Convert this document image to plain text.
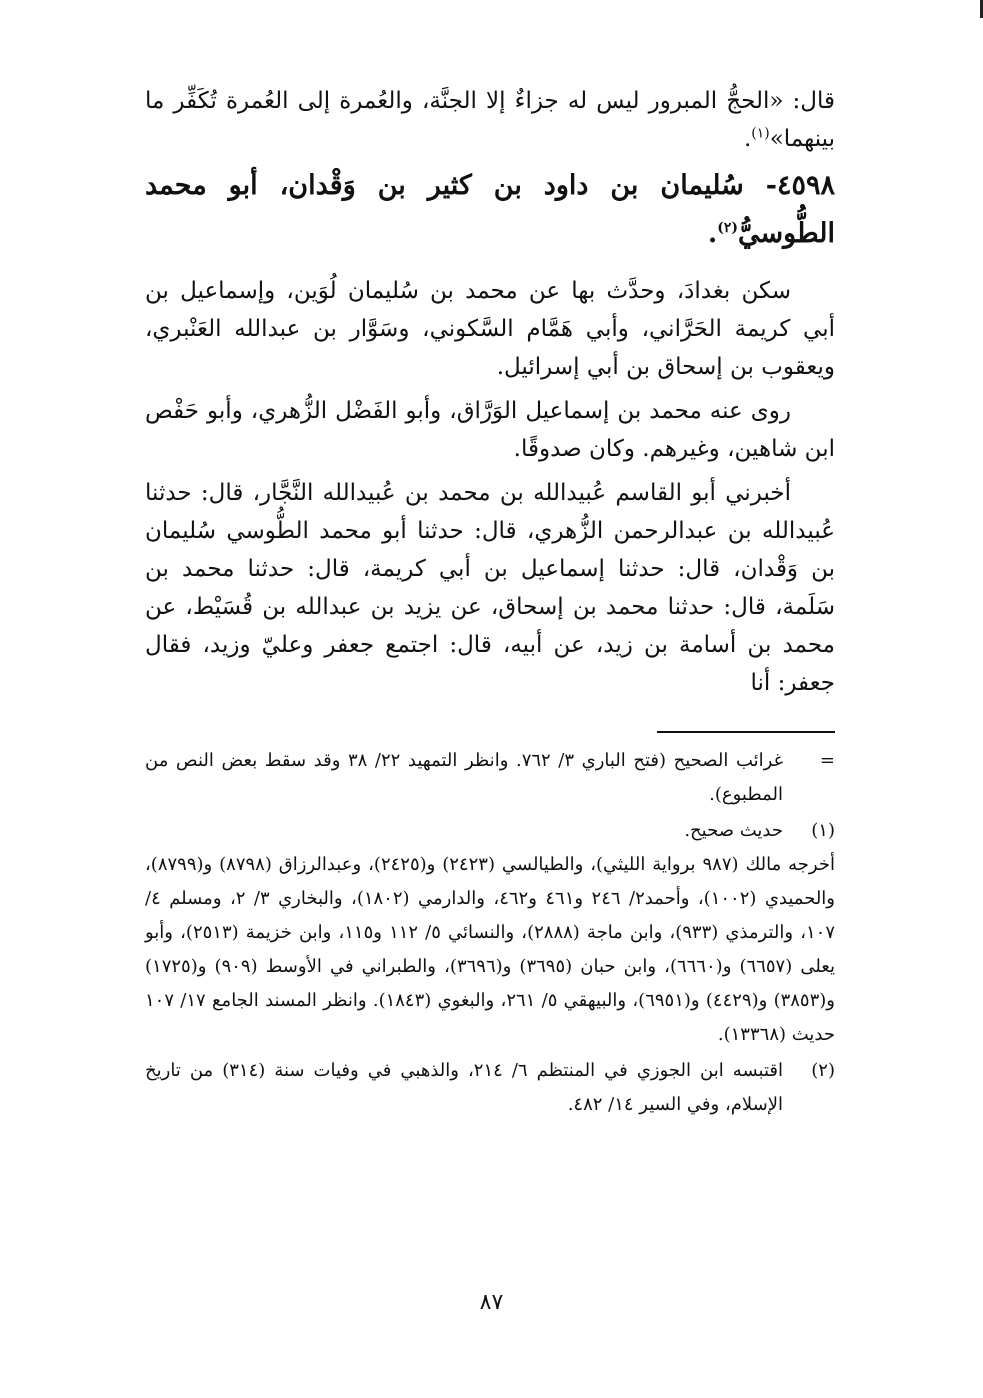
قال: «الحجُّ المبرور ليس له جزاءٌ إلا الجنَّة، والعُمرة إلى العُمرة تُكَفِّر ما بينهما»$^{(١)}$.

٤٥٩٨- سُليمان بن داود بن كثير بن وَقْدان، أبو محمد الطُّوسيُّ$^{(٢)}$.

سكن بغدادَ، وحدَّث بها عن محمد بن سُليمان لُوَين، وإسماعيل بن أبي كريمة الحَرَّاني، وأبي هَمَّام السَّكوني، وسَوَّار بن عبدالله العَنْبري، ويعقوب بن إسحاق بن أبي إسرائيل.

روى عنه محمد بن إسماعيل الوَرَّاق، وأبو الفَضْل الزُّهري، وأبو حَفْص ابن شاهين، وغيرهم. وكان صدوقًا.

أخبرني أبو القاسم عُبيدالله بن محمد بن عُبيدالله النَّجَّار، قال: حدثنا عُبيدالله بن عبدالرحمن الزُّهري، قال: حدثنا أبو محمد الطُّوسي سُليمان بن وَقْدان، قال: حدثنا إسماعيل بن أبي كريمة، قال: حدثنا محمد بن سَلَمة، قال: حدثنا محمد بن إسحاق، عن يزيد بن عبدالله بن قُسَيْط، عن محمد بن أسامة بن زيد، عن أبيه، قال: اجتمع جعفر وعليّ وزيد، فقال جعفر: أنا

=

غرائب الصحيح (فتح الباري ٣/ ٧٦٢. وانظر التمهيد ٢٢/ ٣٨ وقد سقط بعض النص من المطبوع).

(١)

حديث صحيح.

أخرجه مالك (٩٨٧ برواية الليثي)، والطيالسي (٢٤٢٣) و(٢٤٢٥)، وعبدالرزاق (٨٧٩٨) و(٨٧٩٩)، والحميدي (١٠٠٢)، وأحمد٢/ ٢٤٦ و٤٦١ و٤٦٢، والدارمي (١٨٠٢)، والبخاري ٣/ ٢، ومسلم ٤/ ١٠٧، والترمذي (٩٣٣)، وابن ماجة (٢٨٨٨)، والنسائي ٥/ ١١٢ و١١٥، وابن خزيمة (٢٥١٣)، وأبو يعلى (٦٦٥٧) و(٦٦٦٠)، وابن حبان (٣٦٩٥) و(٣٦٩٦)، والطبراني في الأوسط (٩٠٩) و(١٧٢٥) و(٣٨٥٣) و(٤٤٢٩) و(٦٩٥١)، والبيهقي ٥/ ٢٦١، والبغوي (١٨٤٣). وانظر المسند الجامع ١٧/ ١٠٧ حديث (١٣٣٦٨).

(٢)

اقتبسه ابن الجوزي في المنتظم ٦/ ٢١٤، والذهبي في وفيات سنة (٣١٤) من تاريخ الإسلام، وفي السير ١٤/ ٤٨٢.

٨٧
